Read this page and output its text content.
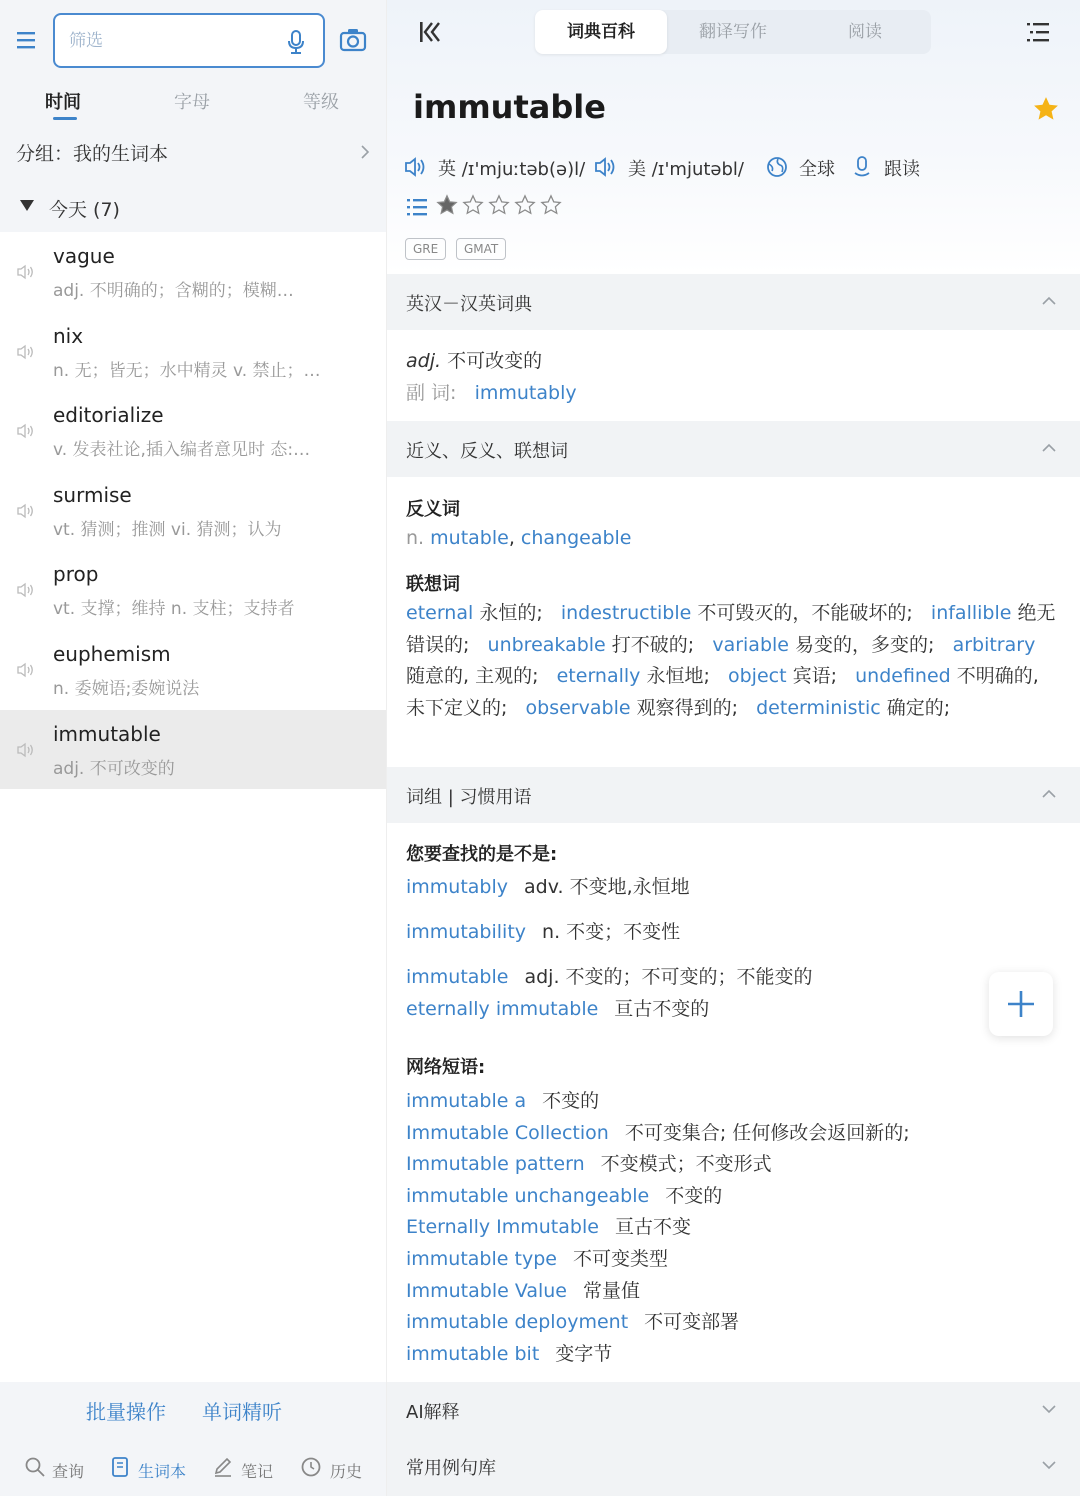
筛选
时间	字母	等级
分组：我的生词本
今天 (7)
vague
adj. 不明确的；含糊的；模糊…
nix
n. 无；皆无；水中精灵 v. 禁止；…
editorialize
v. 发表社论,插入编者意见时 态:…
surmise
vt. 猜测；推测 vi. 猜测；认为
prop
vt. 支撑；维持 n. 支柱；支持者
euphemism
n. 委婉语;委婉说法
immutable
adj. 不可改变的
批量操作 单词精听
查询	生词本	笔记	历史
词典百科	翻译写作	阅读
immutable
英 /ɪ'mjuːtəb(ə)l/ 美 /ɪ'mjutəbl/	全球	跟读
GRE	GMAT
英汉－汉英词典
adj. 不可改变的
副 词: immutably
近义、反义、联想词
反义词
n. mutable, changeable
联想词
eternal 永恒的; indestructible 不可毁灭的，不能破坏的; infallible 绝无错误的; unbreakable 打不破的; variable 易变的，多变的; arbitrary 随意的, 主观的; eternally 永恒地; object 宾语; undefined 不明确的,未下定义的; observable 观察得到的; deterministic 确定的;
词组 | 习惯用语
您要查找的是不是:
immutably adv. 不变地,永恒地
immutability n. 不变；不变性
immutable adj. 不变的；不可变的；不能变的
eternally immutable 亘古不变的
网络短语:
immutable a 不变的
Immutable Collection 不可变集合; 任何修改会返回新的;
Immutable pattern 不变模式；不变形式
immutable unchangeable 不变的
Eternally Immutable 亘古不变
immutable type 不可变类型
Immutable Value 常量值
immutable deployment 不可变部署
immutable bit 变字节
AI解释
常用例句库
